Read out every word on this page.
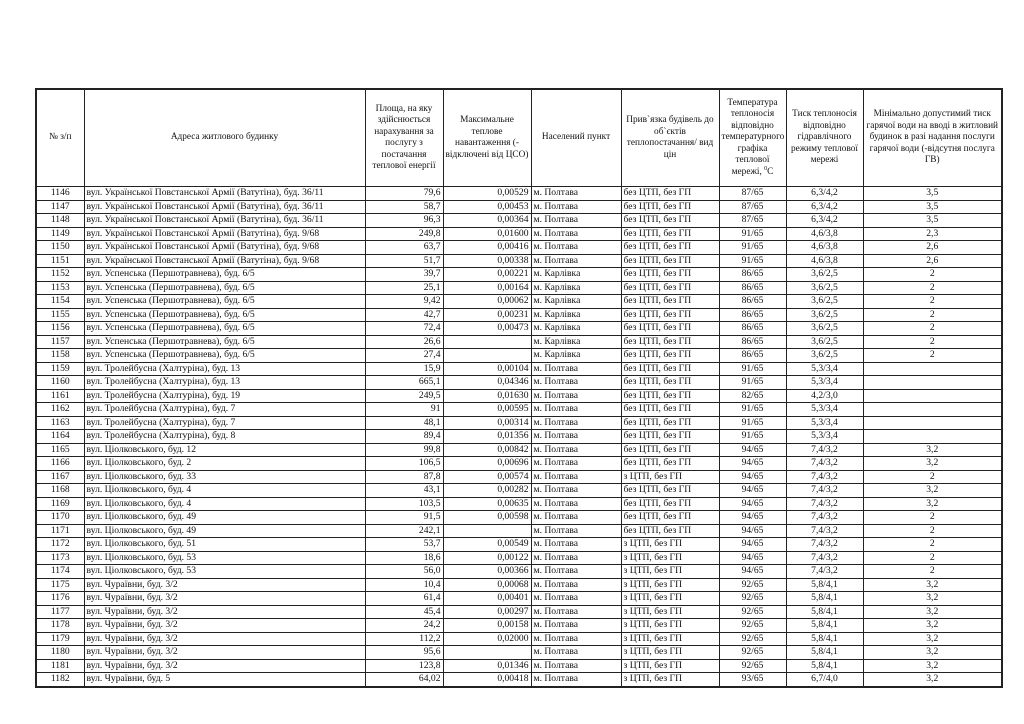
№ з/п	Адреса житлового будинку	Площа, на яку здійснюється нарахування за послугу з постачання теплової енергії	Максимальне теплове навантаження (- відключені від ЦСО)	Населений пункт	Прив`язка будівель до об`єктів теплопостачання/ вид цін	Температура теплоносія відповідно температурного графіка теплової мережі, $^0$С	Тиск теплоносія відповідно гідравлічного режиму теплової мережі	Мінімально допустимий тиск гарячої води на вводі в житловий будинок в разі надання послуги гарячої води (-відсутня послуга ГВ)
1146	вул. Української Повстанської Армії (Ватутіна), буд. 36/11	79,6	0,00529	м. Полтава	без ЦТП, без ГП	87/65	6,3/4,2	3,5
1147	вул. Української Повстанської Армії (Ватутіна), буд. 36/11	58,7	0,00453	м. Полтава	без ЦТП, без ГП	87/65	6,3/4,2	3,5
1148	вул. Української Повстанської Армії (Ватутіна), буд. 36/11	96,3	0,00364	м. Полтава	без ЦТП, без ГП	87/65	6,3/4,2	3,5
1149	вул. Української Повстанської Армії (Ватутіна), буд. 9/68	249,8	0,01600	м. Полтава	без ЦТП, без ГП	91/65	4,6/3,8	2,3
1150	вул. Української Повстанської Армії (Ватутіна), буд. 9/68	63,7	0,00416	м. Полтава	без ЦТП, без ГП	91/65	4,6/3,8	2,6
1151	вул. Української Повстанської Армії (Ватутіна), буд. 9/68	51,7	0,00338	м. Полтава	без ЦТП, без ГП	91/65	4,6/3,8	2,6
1152	вул. Успенська (Першотравнева), буд. 6/5	39,7	0,00221	м. Карлівка	без ЦТП, без ГП	86/65	3,6/2,5	2
1153	вул. Успенська (Першотравнева), буд. 6/5	25,1	0,00164	м. Карлівка	без ЦТП, без ГП	86/65	3,6/2,5	2
1154	вул. Успенська (Першотравнева), буд. 6/5	9,42	0,00062	м. Карлівка	без ЦТП, без ГП	86/65	3,6/2,5	2
1155	вул. Успенська (Першотравнева), буд. 6/5	42,7	0,00231	м. Карлівка	без ЦТП, без ГП	86/65	3,6/2,5	2
1156	вул. Успенська (Першотравнева), буд. 6/5	72,4	0,00473	м. Карлівка	без ЦТП, без ГП	86/65	3,6/2,5	2
1157	вул. Успенська (Першотравнева), буд. 6/5	26,6		м. Карлівка	без ЦТП, без ГП	86/65	3,6/2,5	2
1158	вул. Успенська (Першотравнева), буд. 6/5	27,4		м. Карлівка	без ЦТП, без ГП	86/65	3,6/2,5	2
1159	вул. Тролейбусна (Халтуріна), буд. 13	15,9	0,00104	м. Полтава	без ЦТП, без ГП	91/65	5,3/3,4	
1160	вул. Тролейбусна (Халтуріна), буд. 13	665,1	0,04346	м. Полтава	без ЦТП, без ГП	91/65	5,3/3,4	
1161	вул. Тролейбусна (Халтуріна), буд. 19	249,5	0,01630	м. Полтава	без ЦТП, без ГП	82/65	4,2/3,0	
1162	вул. Тролейбусна (Халтуріна), буд. 7	91	0,00595	м. Полтава	без ЦТП, без ГП	91/65	5,3/3,4	
1163	вул. Тролейбусна (Халтуріна), буд. 7	48,1	0,00314	м. Полтава	без ЦТП, без ГП	91/65	5,3/3,4	
1164	вул. Тролейбусна (Халтуріна), буд. 8	89,4	0,01356	м. Полтава	без ЦТП, без ГП	91/65	5,3/3,4	
1165	вул. Ціолковського, буд. 12	99,8	0,00842	м. Полтава	без ЦТП, без ГП	94/65	7,4/3,2	3,2
1166	вул. Ціолковського, буд. 2	106,5	0,00696	м. Полтава	без ЦТП, без ГП	94/65	7,4/3,2	3,2
1167	вул. Ціолковського, буд. 33	87,8	0,00574	м. Полтава	з ЦТП, без ГП	94/65	7,4/3,2	2
1168	вул. Ціолковського, буд. 4	43,1	0,00282	м. Полтава	без ЦТП, без ГП	94/65	7,4/3,2	3,2
1169	вул. Ціолковського, буд. 4	103,5	0,00635	м. Полтава	без ЦТП, без ГП	94/65	7,4/3,2	3,2
1170	вул. Ціолковського, буд. 49	91,5	0,00598	м. Полтава	без ЦТП, без ГП	94/65	7,4/3,2	2
1171	вул. Ціолковського, буд. 49	242,1		м. Полтава	без ЦТП, без ГП	94/65	7,4/3,2	2
1172	вул. Ціолковського, буд. 51	53,7	0,00549	м. Полтава	з ЦТП, без ГП	94/65	7,4/3,2	2
1173	вул. Ціолковського, буд. 53	18,6	0,00122	м. Полтава	з ЦТП, без ГП	94/65	7,4/3,2	2
1174	вул. Ціолковського, буд. 53	56,0	0,00366	м. Полтава	з ЦТП, без ГП	94/65	7,4/3,2	2
1175	вул. Чураївни, буд. 3/2	10,4	0,00068	м. Полтава	з ЦТП, без ГП	92/65	5,8/4,1	3,2
1176	вул. Чураївни, буд. 3/2	61,4	0,00401	м. Полтава	з ЦТП, без ГП	92/65	5,8/4,1	3,2
1177	вул. Чураївни, буд. 3/2	45,4	0,00297	м. Полтава	з ЦТП, без ГП	92/65	5,8/4,1	3,2
1178	вул. Чураївни, буд. 3/2	24,2	0,00158	м. Полтава	з ЦТП, без ГП	92/65	5,8/4,1	3,2
1179	вул. Чураївни, буд. 3/2	112,2	0,02000	м. Полтава	з ЦТП, без ГП	92/65	5,8/4,1	3,2
1180	вул. Чураївни, буд. 3/2	95,6		м. Полтава	з ЦТП, без ГП	92/65	5,8/4,1	3,2
1181	вул. Чураївни, буд. 3/2	123,8	0,01346	м. Полтава	з ЦТП, без ГП	92/65	5,8/4,1	3,2
1182	вул. Чураївни, буд. 5	64,02	0,00418	м. Полтава	з ЦТП, без ГП	93/65	6,7/4,0	3,2
